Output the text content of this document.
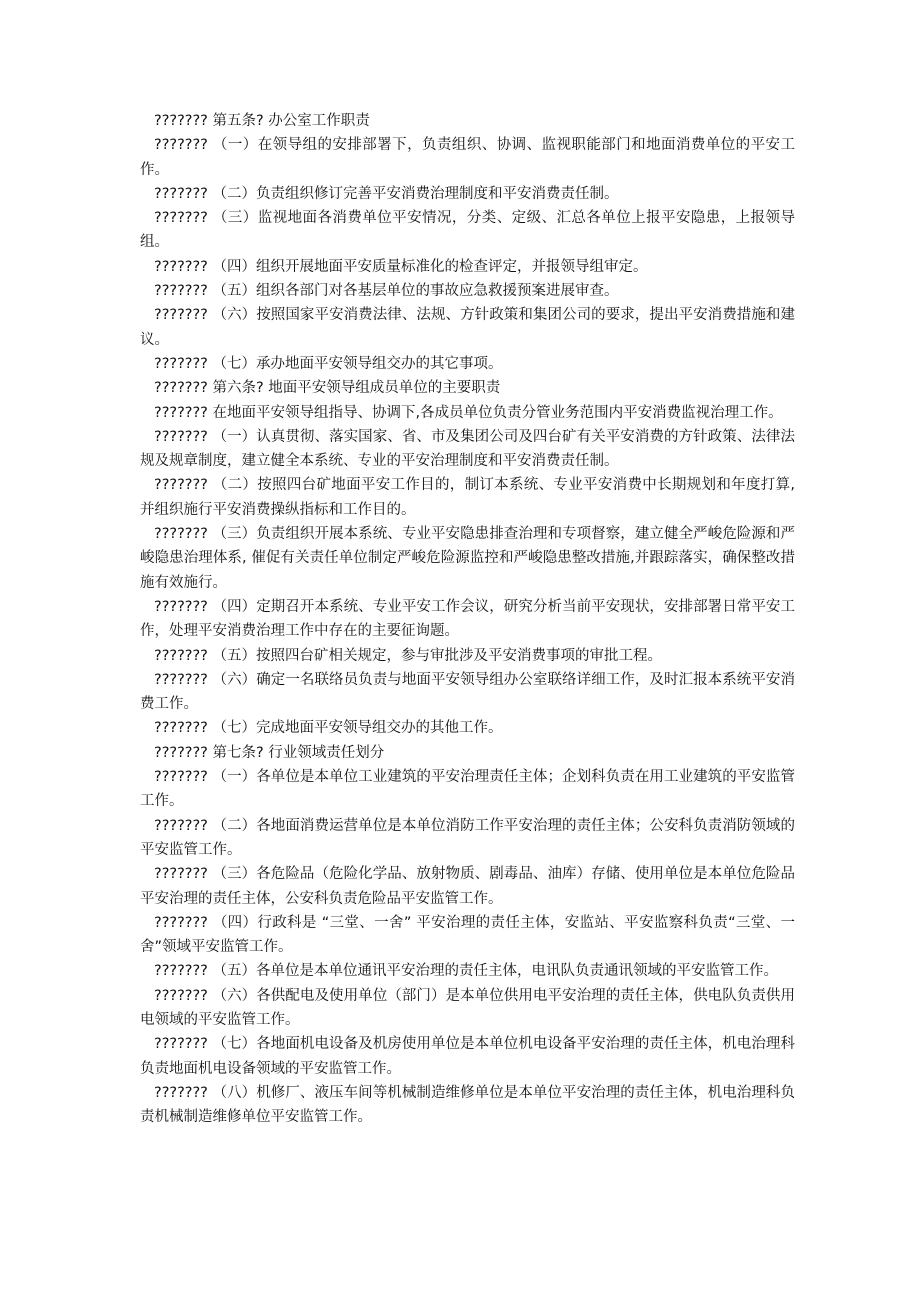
??????? 第五条? 办公室工作职责

??????? （一）在领导组的安排部署下，负责组织、协调、监视职能部门和地面消费单位的平安工作。

??????? （二）负责组织修订完善平安消费治理制度和平安消费责任制。

??????? （三）监视地面各消费单位平安情况，分类、定级、汇总各单位上报平安隐患，上报领导组。

??????? （四）组织开展地面平安质量标准化的检查评定，并报领导组审定。

??????? （五）组织各部门对各基层单位的事故应急救援预案进展审查。

??????? （六）按照国家平安消费法律、法规、方针政策和集团公司的要求，提出平安消费措施和建议。

??????? （七）承办地面平安领导组交办的其它事项。

??????? 第六条? 地面平安领导组成员单位的主要职责

??????? 在地面平安领导组指导、协调下,各成员单位负责分管业务范围内平安消费监视治理工作。

??????? （一）认真贯彻、落实国家、省、市及集团公司及四台矿有关平安消费的方针政策、法律法规及规章制度，建立健全本系统、专业的平安治理制度和平安消费责任制。

??????? （二）按照四台矿地面平安工作目的，制订本系统、专业平安消费中长期规划和年度打算,并组织施行平安消费操纵指标和工作目的。

??????? （三）负责组织开展本系统、专业平安隐患排查治理和专项督察，建立健全严峻危险源和严峻隐患治理体系, 催促有关责任单位制定严峻危险源监控和严峻隐患整改措施,并跟踪落实，确保整改措施有效施行。

??????? （四）定期召开本系统、专业平安工作会议，研究分析当前平安现状，安排部署日常平安工作，处理平安消费治理工作中存在的主要征询题。

??????? （五）按照四台矿相关规定，参与审批涉及平安消费事项的审批工程。

??????? （六）确定一名联络员负责与地面平安领导组办公室联络详细工作，及时汇报本系统平安消费工作。

??????? （七）完成地面平安领导组交办的其他工作。

??????? 第七条? 行业领域责任划分

??????? （一）各单位是本单位工业建筑的平安治理责任主体；企划科负责在用工业建筑的平安监管工作。

??????? （二）各地面消费运营单位是本单位消防工作平安治理的责任主体；公安科负责消防领域的平安监管工作。

??????? （三）各危险品（危险化学品、放射物质、剧毒品、油库）存储、使用单位是本单位危险品平安治理的责任主体，公安科负责危险品平安监管工作。

??????? （四）行政科是 “三堂、一舍” 平安治理的责任主体，安监站、平安监察科负责“三堂、一舍”领域平安监管工作。

??????? （五）各单位是本单位通讯平安治理的责任主体，电讯队负责通讯领域的平安监管工作。

??????? （六）各供配电及使用单位（部门）是本单位供用电平安治理的责任主体，供电队负责供用电领域的平安监管工作。

??????? （七）各地面机电设备及机房使用单位是本单位机电设备平安治理的责任主体，机电治理科负责地面机电设备领域的平安监管工作。

??????? （八）机修厂、液压车间等机械制造维修单位是本单位平安治理的责任主体，机电治理科负责机械制造维修单位平安监管工作。
